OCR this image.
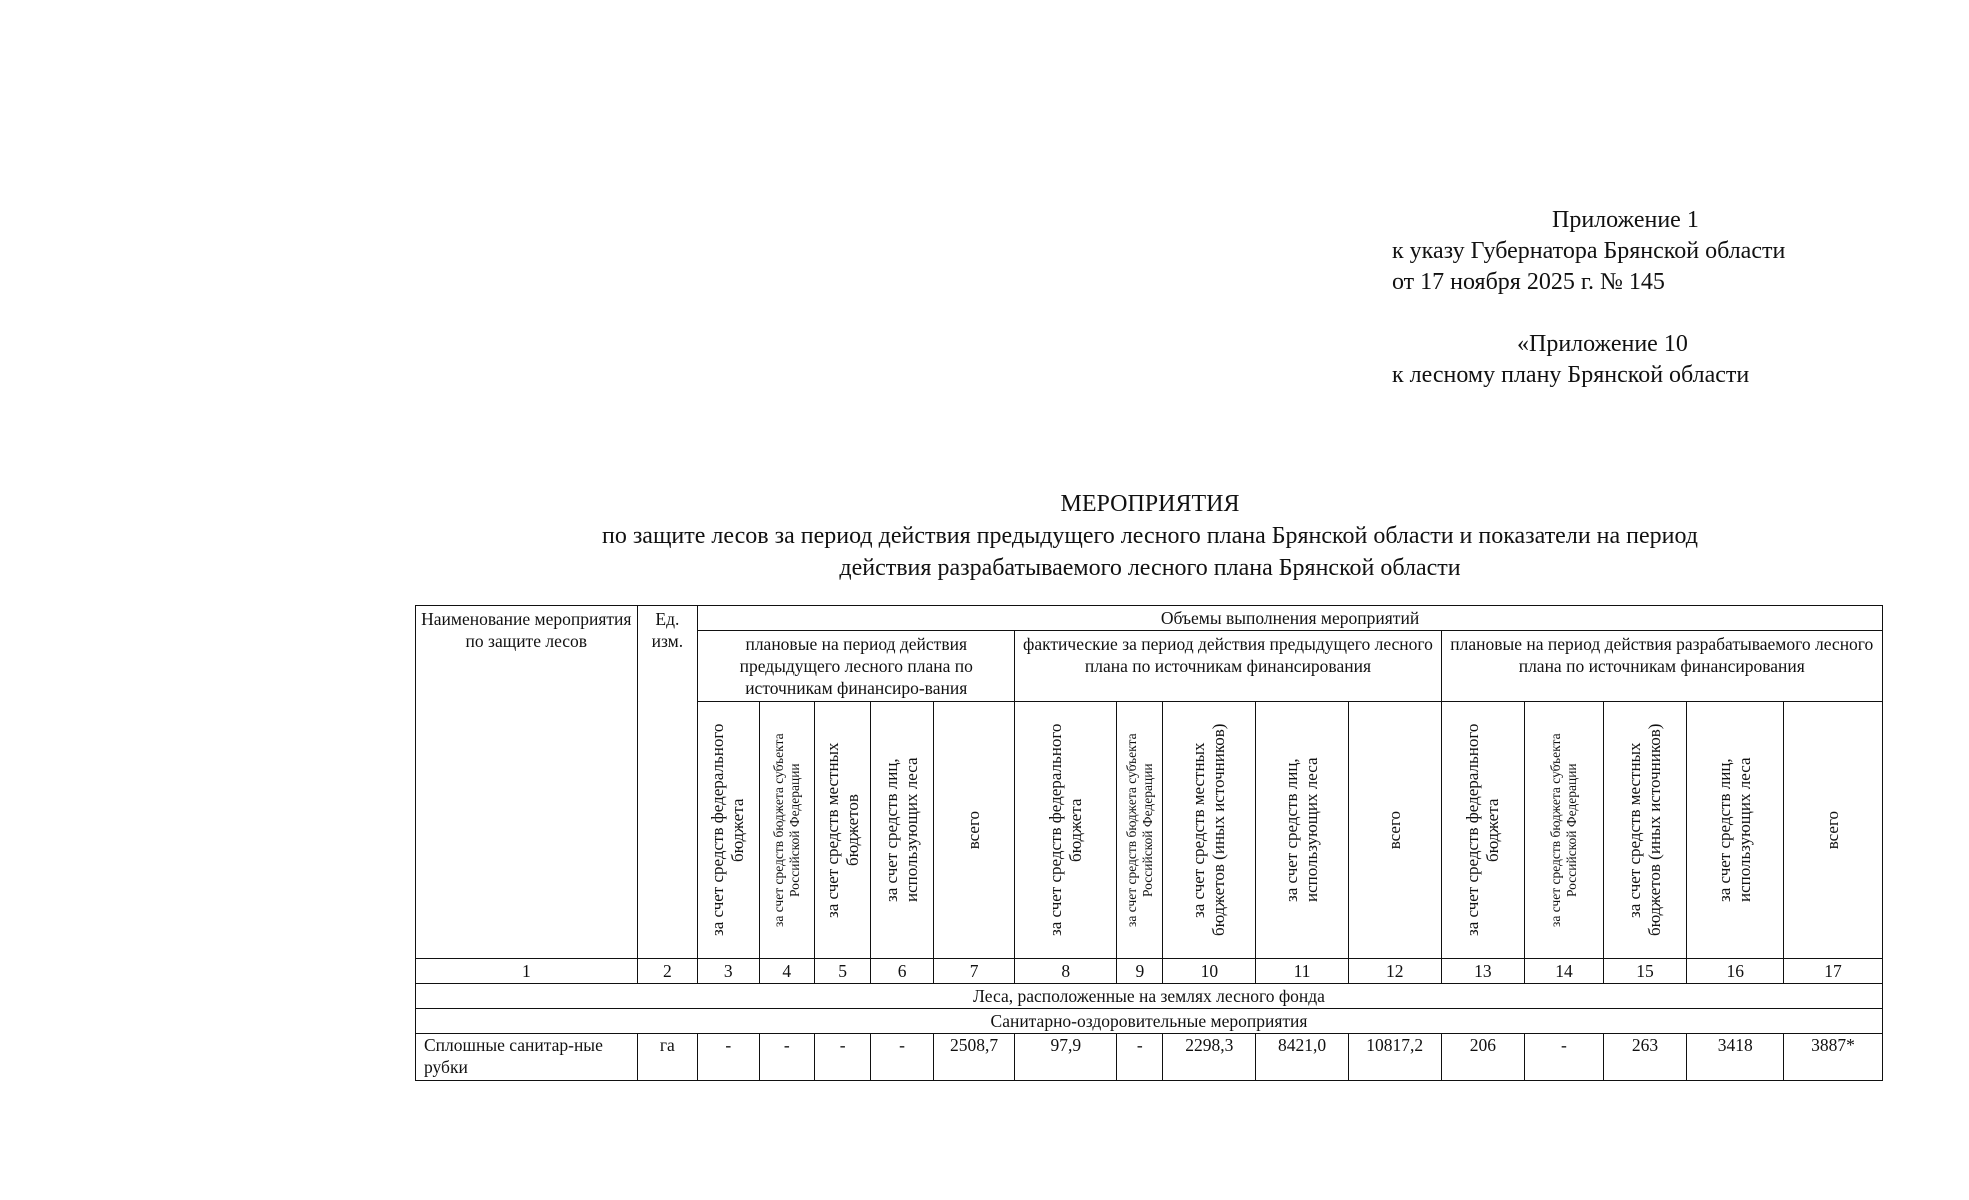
Приложение 1
к указу Губернатора Брянской области
от 17 ноября 2025 г. № 145
«Приложение 10
к лесному плану Брянской области
МЕРОПРИЯТИЯ
по защите лесов за период действия предыдущего лесного плана Брянской области и показатели на период
действия разрабатываемого лесного плана Брянской области
Наименование мероприятия по защите лесов	Ед. изм.	Объемы выполнения мероприятий														
		плановые на период действия предыдущего лесного плана по источникам финансиро-вания					фактические за период действия предыдущего лесного плана по источникам финансирования					плановые на период действия разрабатываемого лесного плана по источникам финансирования				

		за счет средств федерального бюджета	за счет средств бюджета субъекта Российской Федерации	за счет средств местных бюджетов	за счет средств лиц, использующих леса	всего	за счет средств федерального бюджета	за счет средств бюджета субъекта Российской Федерации	за счет средств местных бюджетов (иных источников)	за счет средств лиц, использующих леса	всего	за счет средств федерального бюджета	за счет средств бюджета субъекта Российской Федерации	за счет средств местных бюджетов (иных источников)	за счет средств лиц, использующих леса	всего

1	2	3	4	5	6	7	8	9	10	11	12	13	14	15	16	17
Леса, расположенные на землях лесного фонда																
Санитарно-оздоровительные мероприятия																
Сплошные санитар-ные рубки	га	-	-	-	-	2508,7	97,9	-	2298,3	8421,0	10817,2	206	-	263	3418	3887*
